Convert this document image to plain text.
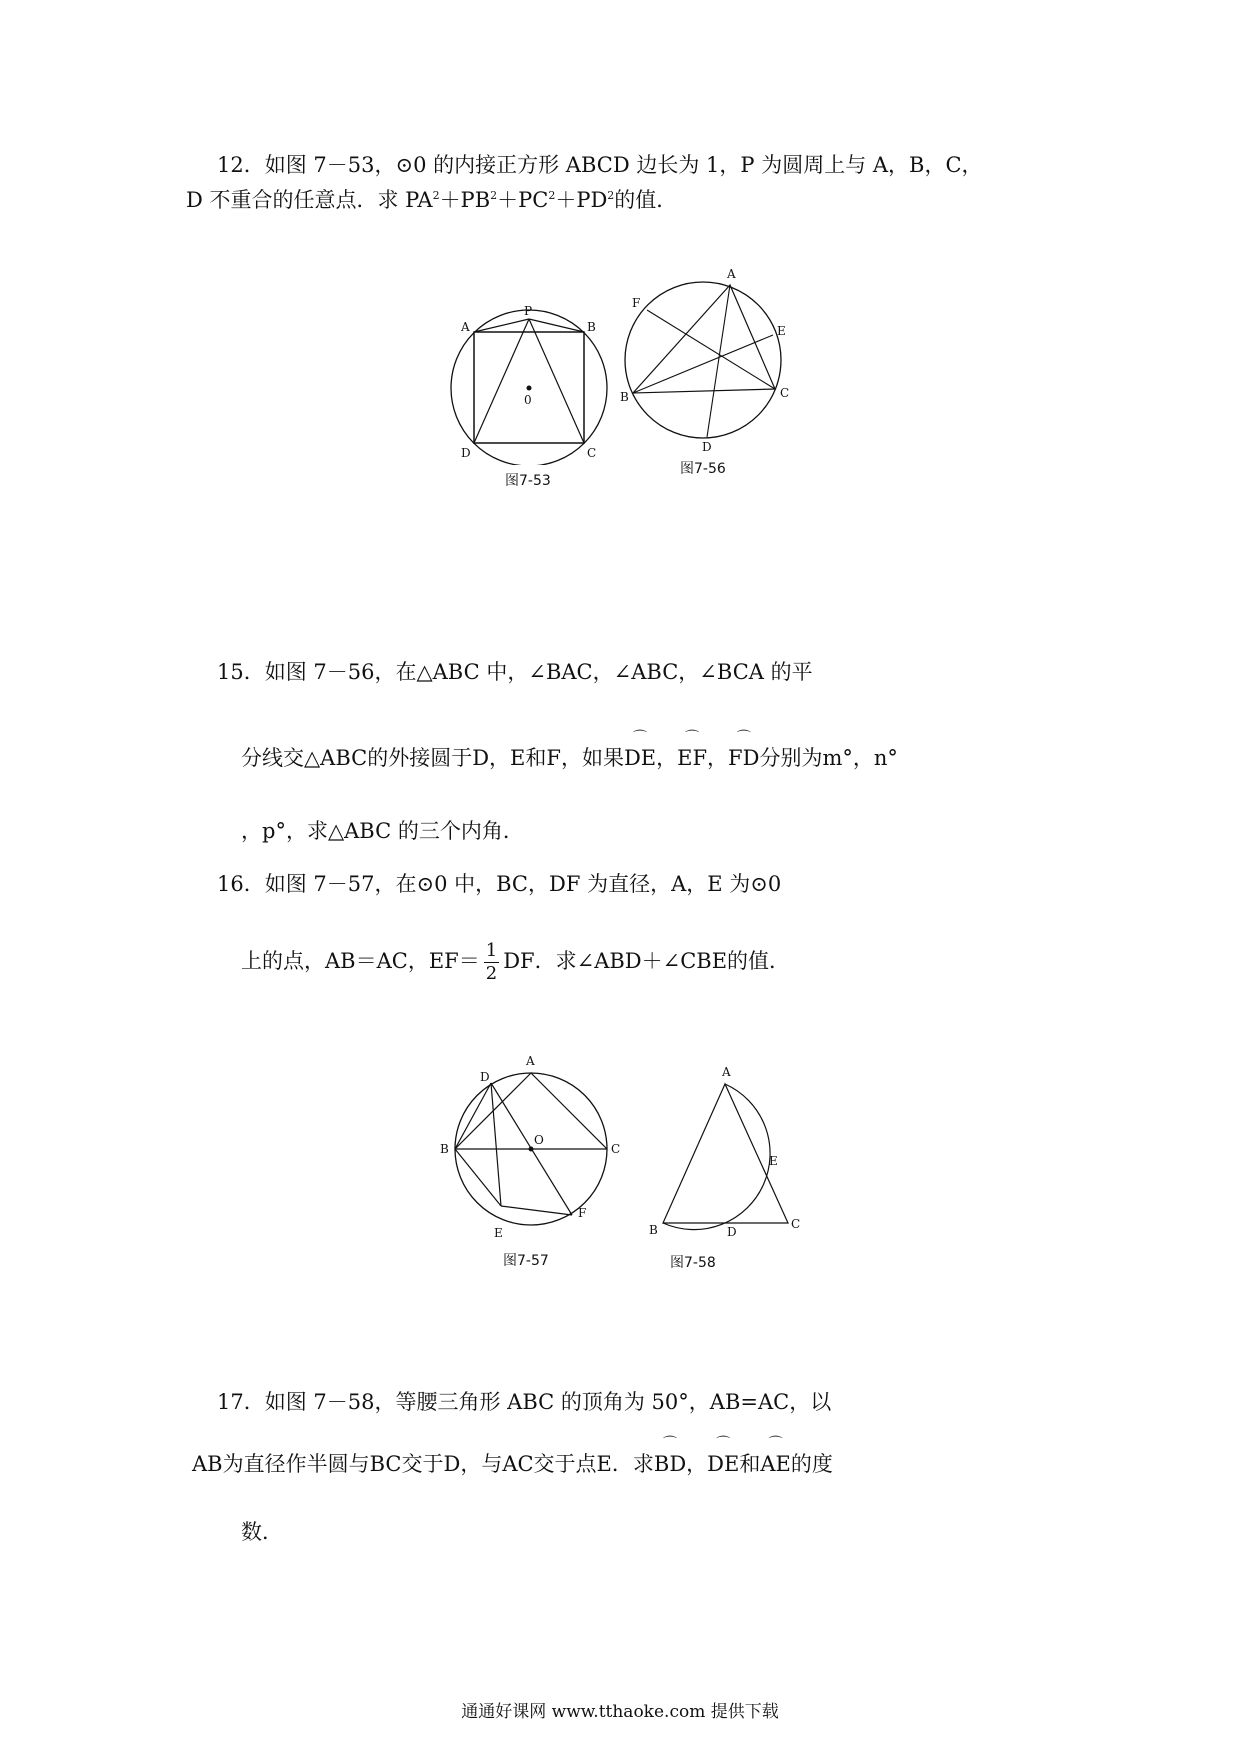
12．如图 7－53，⊙0 的内接正方形 ABCD 边长为 1，P 为圆周上与 A，B，C，
D 不重合的任意点．求 $PA^2+PB^2+PC^2+PD^2$的值．
P
A	B
C
D
0
图7-53
A
F
E
B	C
D
图7-56
15．如图 7－56，在△ABC 中，∠BAC，∠ABC，∠BCA 的平
分线交△ABC的外接圆于D，E和F，如果⌒ DE，⌒ EF，⌒ FD分别为m°，n°
，p°，求△ABC 的三个内角．
16．如图 7－57，在⊙0 中，BC，DF 为直径，A，E 为⊙0
上的点，AB＝AC，$EF= \frac{1}{2}$ DF．求∠ABD＋∠CBE的值．
A
D
B	C
O
F
E
图7-57
A
E
B	C
D
图7-58
17．如图 7－58，等腰三角形 ABC 的顶角为 50°，AB=AC，以
AB为直径作半圆与BC交于D，与AC交于点E．求⌒ BD，⌒ DE和⌒ AE的度
数．
通通好课网 www.tthaoke.com 提供下载
